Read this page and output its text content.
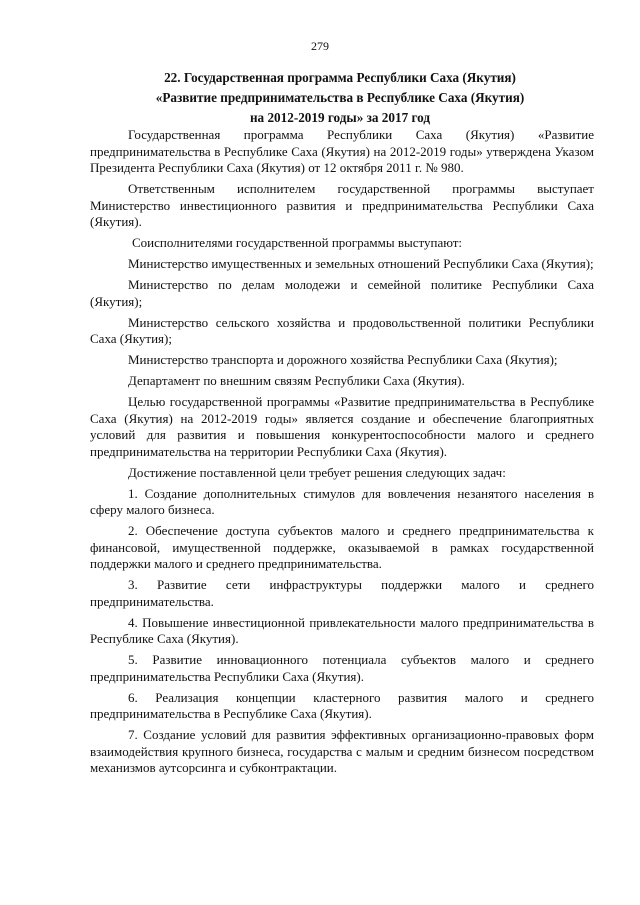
279
22. Государственная программа Республики Саха (Якутия)
«Развитие предпринимательства в Республике Саха (Якутия)
на 2012-2019 годы» за 2017 год

Государственная программа Республики Саха (Якутия) «Развитие предпринимательства в Республике Саха (Якутия) на 2012-2019 годы» утверждена Указом Президента Республики Саха (Якутия) от 12 октября 2011 г. № 980.

Ответственным исполнителем государственной программы выступает Министерство инвестиционного развития и предпринимательства Республики Саха (Якутия).

Соисполнителями государственной программы выступают:

Министерство имущественных и земельных отношений Республики Саха (Якутия);

Министерство по делам молодежи и семейной политике Республики Саха (Якутия);

Министерство сельского хозяйства и продовольственной политики Республики Саха (Якутия);

Министерство транспорта и дорожного хозяйства Республики Саха (Якутия);

Департамент по внешним связям Республики Саха (Якутия).

Целью государственной программы «Развитие предпринимательства в Республике Саха (Якутия) на 2012-2019 годы» является создание и обеспечение благоприятных условий для развития и повышения конкурентоспособности малого и среднего предпринимательства на территории Республики Саха (Якутия).

Достижение поставленной цели требует решения следующих задач:

1. Создание дополнительных стимулов для вовлечения незанятого населения в сферу малого бизнеса.

2. Обеспечение доступа субъектов малого и среднего предпринимательства к финансовой, имущественной поддержке, оказываемой в рамках государственной поддержки малого и среднего предпринимательства.

3. Развитие сети инфраструктуры поддержки малого и среднего предпринимательства.

4. Повышение инвестиционной привлекательности малого предпринимательства в Республике Саха (Якутия).

5. Развитие инновационного потенциала субъектов малого и среднего предпринимательства Республики Саха (Якутия).

6. Реализация концепции кластерного развития малого и среднего предпринимательства в Республике Саха (Якутия).

7. Создание условий для развития эффективных организационно-правовых форм взаимодействия крупного бизнеса, государства с малым и средним бизнесом посредством механизмов аутсорсинга и субконтрактации.
